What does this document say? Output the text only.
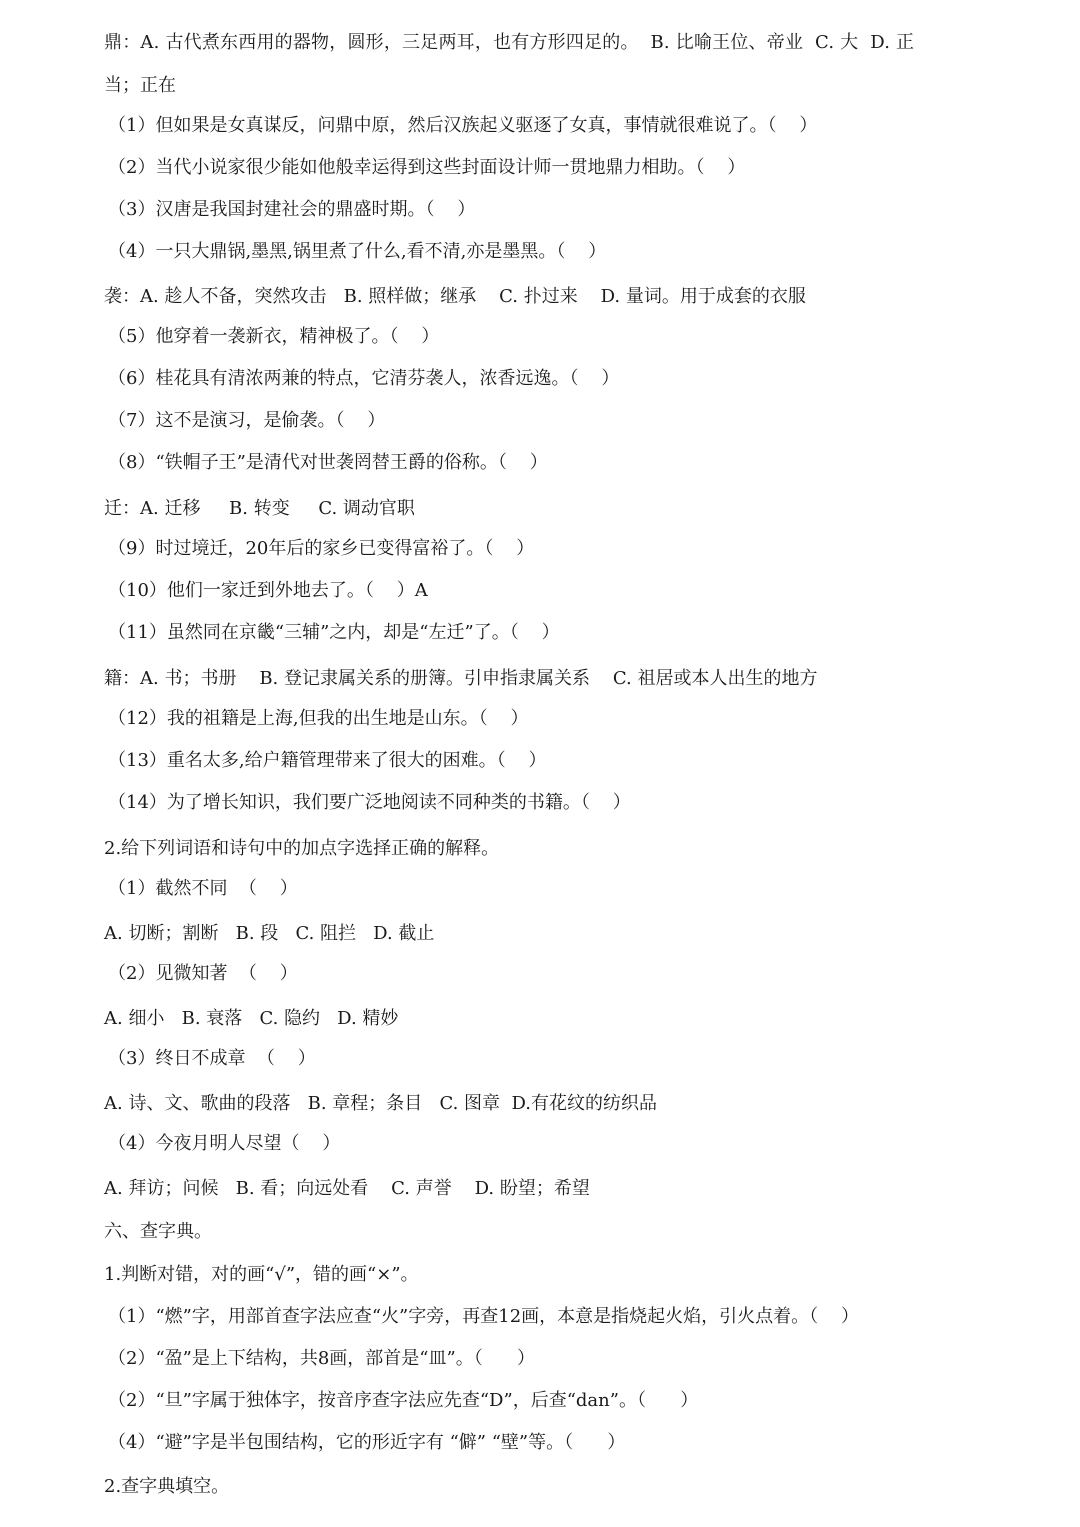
鼎：A. 古代煮东西用的器物，圆形，三足两耳，也有方形四足的。  B. 比喻王位、帝业  C. 大  D. 正
当；正在
（1）但如果是女真谋反，问鼎中原，然后汉族起义驱逐了女真，事情就很难说了。（    ）
（2）当代小说家很少能如他般幸运得到这些封面设计师一贯地鼎力相助。（    ）
（3）汉唐是我国封建社会的鼎盛时期。（    ）
（4）一只大鼎锅,墨黑,锅里煮了什么,看不清,亦是墨黑。（    ）
袭：A. 趁人不备，突然攻击   B. 照样做；继承    C. 扑过来    D. 量词。用于成套的衣服
（5）他穿着一袭新衣，精神极了。（    ）
（6）桂花具有清浓两兼的特点，它清芬袭人，浓香远逸。（    ）
（7）这不是演习，是偷袭。（    ）
（8）“铁帽子王”是清代对世袭罔替王爵的俗称。（    ）
迁：A. 迁移     B. 转变     C. 调动官职
（9）时过境迁，20年后的家乡已变得富裕了。（    ）
（10）他们一家迁到外地去了。（    ）A
（11）虽然同在京畿“三辅”之内，却是“左迁”了。（    ）
籍：A. 书；书册    B. 登记隶属关系的册簿。引申指隶属关系    C. 祖居或本人出生的地方
（12）我的祖籍是上海,但我的出生地是山东。（    ）
（13）重名太多,给户籍管理带来了很大的困难。（    ）
（14）为了增长知识，我们要广泛地阅读不同种类的书籍。（    ）
2.给下列词语和诗句中的加点字选择正确的解释。
（1）截然不同  （    ）
A. 切断；割断   B. 段   C. 阻拦   D. 截止
（2）见微知著  （    ）
A. 细小   B. 衰落   C. 隐约   D. 精妙
（3）终日不成章  （    ）
A. 诗、文、歌曲的段落   B. 章程；条目   C. 图章  D.有花纹的纺织品
（4）今夜月明人尽望（    ）
A. 拜访；问候   B. 看；向远处看    C. 声誉    D. 盼望；希望
六、查字典。
1.判断对错，对的画“√”，错的画“×”。
（1）“燃”字，用部首查字法应查“火”字旁，再查12画，本意是指烧起火焰，引火点着。（    ）
（2）“盈”是上下结构，共8画，部首是“皿”。（      ）
（2）“旦”字属于独体字，按音序查字法应先查“D”，后查“dan”。（      ）
（4）“避”字是半包围结构，它的形近字有 “僻” “壁”等。（      ）
2.查字典填空。
